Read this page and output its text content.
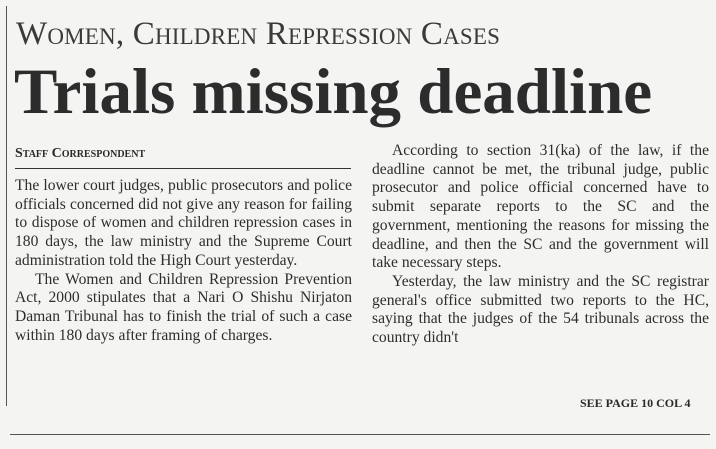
Women, Children Repression Cases
Trials missing deadline
Staff Correspondent

The lower court judges, public prosecutors and police officials concerned did not give any reason for failing to dispose of women and children repression cases in 180 days, the law ministry and the Supreme Court administration told the High Court yesterday.

The Women and Children Repression Prevention Act, 2000 stipulates that a Nari O Shishu Nirjaton Daman Tribunal has to finish the trial of such a case within 180 days after framing of charges.

According to section 31(ka) of the law, if the deadline cannot be met, the tribunal judge, public prosecutor and police official concerned have to submit separate reports to the SC and the government, mentioning the reasons for missing the deadline, and then the SC and the government will take necessary steps.

Yesterday, the law ministry and the SC registrar general's office submitted two reports to the HC, saying that the judges of the 54 tribunals across the country didn't

SEE PAGE 10 COL 4
